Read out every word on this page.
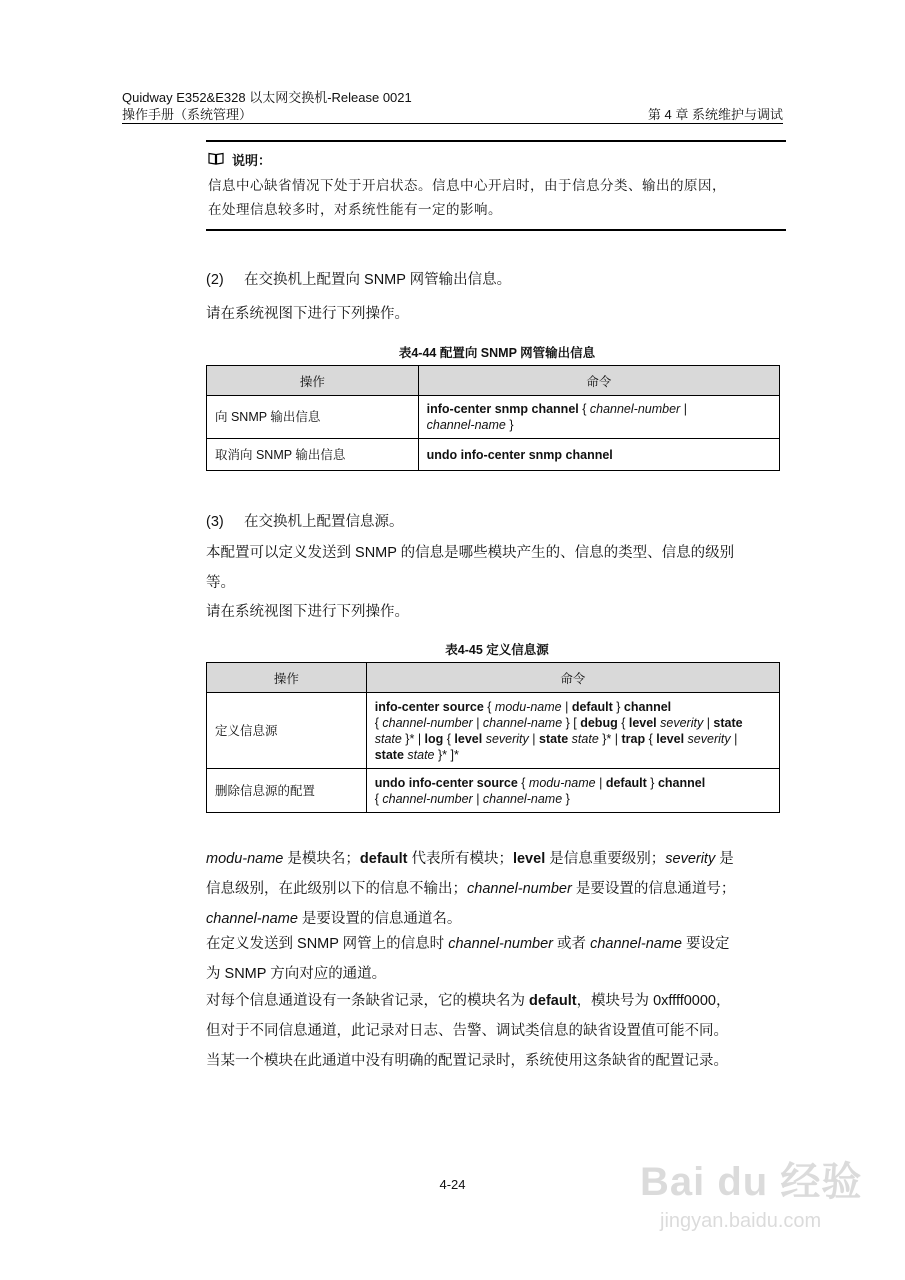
Quidway E352&E328 以太网交换机-Release 0021
操作手册（系统管理）	第 4 章 系统维护与调试
说明：
信息中心缺省情况下处于开启状态。信息中心开启时，由于信息分类、输出的原因，
在处理信息较多时，对系统性能有一定的影响。
(2) 在交换机上配置向 SNMP 网管输出信息。
请在系统视图下进行下列操作。
表4-44 配置向 SNMP 网管输出信息
操作	命令
向 SNMP 输出信息	info-center snmp channel { channel-number |
channel-name }
取消向 SNMP 输出信息	undo info-center snmp channel
(3) 在交换机上配置信息源。
本配置可以定义发送到 SNMP 的信息是哪些模块产生的、信息的类型、信息的级别
等。
请在系统视图下进行下列操作。
表4-45 定义信息源
操作	命令
定义信息源	info-center source { modu-name | default } channel
{ channel-number | channel-name } [ debug { level severity | state
state }* | log { level severity | state state }* | trap { level severity |
state state }* ]*
删除信息源的配置	undo info-center source { modu-name | default } channel
{ channel-number | channel-name }
modu-name 是模块名；default 代表所有模块；level 是信息重要级别；severity 是
信息级别，在此级别以下的信息不输出；channel-number 是要设置的信息通道号；
channel-name 是要设置的信息通道名。
在定义发送到 SNMP 网管上的信息时 channel-number 或者 channel-name 要设定
为 SNMP 方向对应的通道。
对每个信息通道设有一条缺省记录，它的模块名为 default，模块号为 0xffff0000，
但对于不同信息通道，此记录对日志、告警、调试类信息的缺省设置值可能不同。
当某一个模块在此通道中没有明确的配置记录时，系统使用这条缺省的配置记录。
4-24	Bai du 经验
jingyan.baidu.com
